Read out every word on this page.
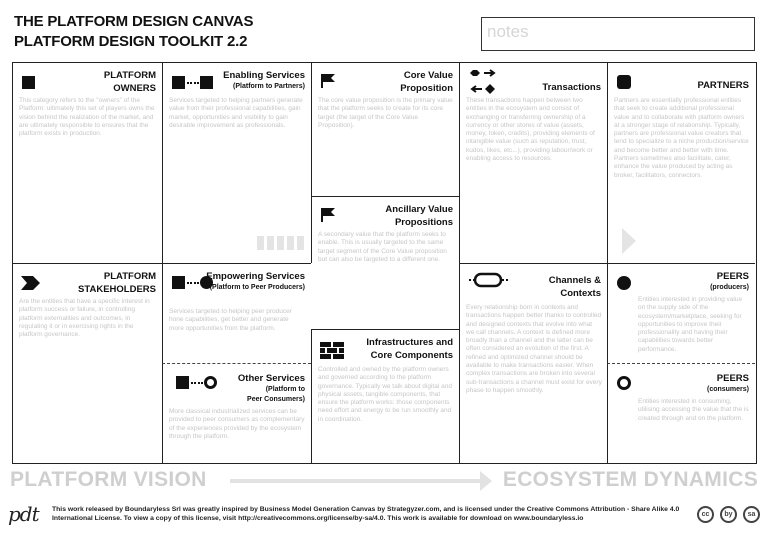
THE PLATFORM DESIGN CANVAS
PLATFORM DESIGN TOOLKIT 2.2
notes
PLATFORM OWNERS
This category refers to the "owners" of the Platform: ultimately this set of players owns the vision behind the realization of the market, and are ultimately responsible to ensures that the platform exists in production.
Enabling Services
(Platform to Partners)
Services targeted to helping partners generate value from their professional capabilities, gain market, opportunities and visibility to gain desirable improvement as professionals.
Core Value Proposition
The core value proposition is the primary value that the platform seeks to create for its core target (the target of the Core Value Proposition).
Ancillary Value Propositions
A secondary value that the platform seeks to enable. This is usually targeted to the same target segment of the Core Value proposition but can also be targeted to a different one.
Transactions
These transactions happen between two entities in the ecosystem and consist of exchanging or transferring ownership of a currency or other stores of value (assets, money, token, credits), providing elements of intangible value (such as reputation, trust, kudos, likes, etc...), providing labour/work or enabling access to resources.
PARTNERS
Partners are essentially professional entities that seek to create additional professional value and to collaborate with platform owners at a stronger stage of relationship. Typically, partners are professional value creators that tend to specialize to a niche production/service and become better and better with time. Partners sometimes also facilitate, cater, enhance the value produced by acting as broker, facilitators, connectors.
PLATFORM STAKEHOLDERS
Are the entities that have a specific interest in platform success or failure, in controlling platform externalities and outcomes, in regulating it or in exercising rights in the platform governance.
Empowering Services
(Platform to Peer Producers)
Services targeted to helping peer producer hone capabilities, get better and generate more opportunities from the platform.
Other Services
(Platform to
Peer Consumers)
More classical industrialized services can be provided to peer consumers as complementary of the experiences provided by the ecosystem through the platform.
Infrastructures and Core Components
Controlled and owned by the platform owners and governed according to the platform governance. Typically we talk about digital and physical assets, tangible components, that ensure the platform works: those components need effort and energy to be run smoothly and in coordination.
Channels & Contexts
Every relationship born in contexts and transactions happen better thanks to controlled and designed contexts that evolve into what we call channels. A context is defined more broadly than a channel and the latter can be often considered an evolution of the first. A refined and optimized channel should be available to make transactions easier. When complex transactions are broken into several sub-transactions a channel must exist for every phase to happen smoothly.
PEERS
(producers)
Entities interested in providing value on the supply side of the ecosystem/marketplace, seeking for opportunities to improve their professionality and having their capabilities towards better performance.
PEERS
(consumers)
Entities interested in consuming, utilising accessing the value that the is created through and on the platform.
PLATFORM VISION	ECOSYSTEM DYNAMICS
pdt This work released by Boundaryless Srl was greatly inspired by Business Model Generation Canvas by Strategyzer.com, and is licensed under the Creative Commons Attribution - Share Alike 4.0 International License. To view a copy of this license, visit http://creativecommons.org/license/by-sa/4.0. This work is available for download on www.boundaryless.io
cc	by	sa
